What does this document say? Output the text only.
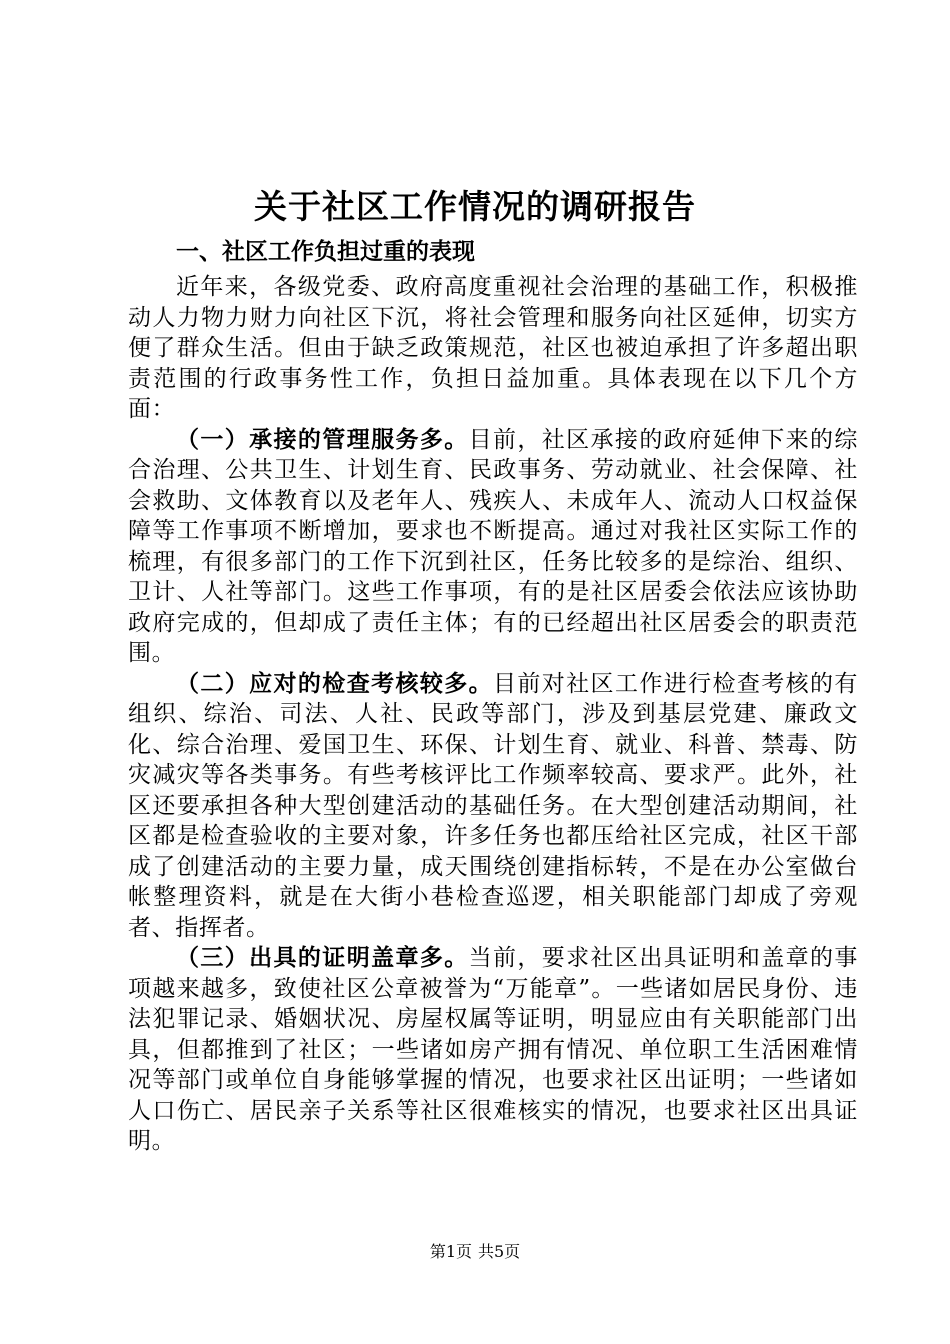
关于社区工作情况的调研报告
一、社区工作负担过重的表现

近年来，各级党委、政府高度重视社会治理的基础工作，积极推动人力物力财力向社区下沉，将社会管理和服务向社区延伸，切实方便了群众生活。但由于缺乏政策规范，社区也被迫承担了许多超出职责范围的行政事务性工作，负担日益加重。具体表现在以下几个方面：

（一）承接的管理服务多。目前，社区承接的政府延伸下来的综合治理、公共卫生、计划生育、民政事务、劳动就业、社会保障、社会救助、文体教育以及老年人、残疾人、未成年人、流动人口权益保障等工作事项不断增加，要求也不断提高。通过对我社区实际工作的梳理，有很多部门的工作下沉到社区，任务比较多的是综治、组织、卫计、人社等部门。这些工作事项，有的是社区居委会依法应该协助政府完成的，但却成了责任主体；有的已经超出社区居委会的职责范围。

（二）应对的检查考核较多。目前对社区工作进行检查考核的有组织、综治、司法、人社、民政等部门，涉及到基层党建、廉政文化、综合治理、爱国卫生、环保、计划生育、就业、科普、禁毒、防灾减灾等各类事务。有些考核评比工作频率较高、要求严。此外，社区还要承担各种大型创建活动的基础任务。在大型创建活动期间，社区都是检查验收的主要对象，许多任务也都压给社区完成，社区干部成了创建活动的主要力量，成天围绕创建指标转，不是在办公室做台帐整理资料，就是在大街小巷检查巡逻，相关职能部门却成了旁观者、指挥者。

（三）出具的证明盖章多。当前，要求社区出具证明和盖章的事项越来越多，致使社区公章被誉为“万能章”。一些诸如居民身份、违法犯罪记录、婚姻状况、房屋权属等证明，明显应由有关职能部门出具，但都推到了社区；一些诸如房产拥有情况、单位职工生活困难情况等部门或单位自身能够掌握的情况，也要求社区出证明；一些诸如人口伤亡、居民亲子关系等社区很难核实的情况，也要求社区出具证明。

第1页 共5页
